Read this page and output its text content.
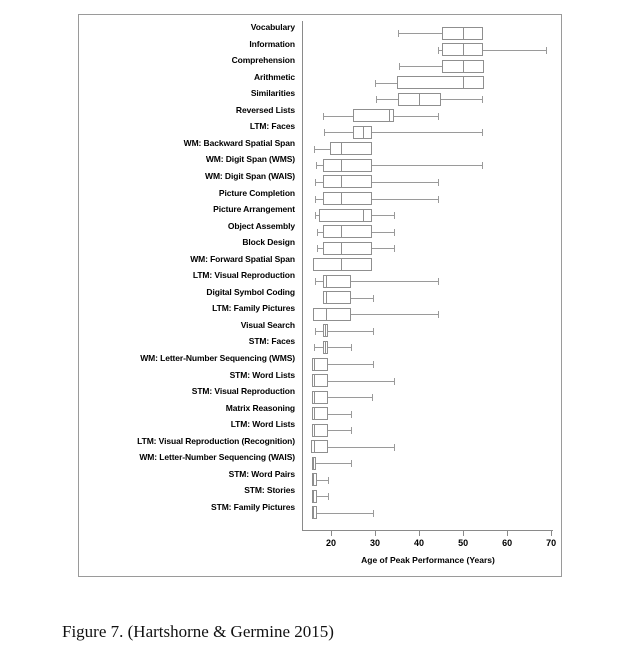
Vocabulary
Information
Comprehension
Arithmetic
Similarities
Reversed Lists
LTM: Faces
WM: Backward Spatial Span
WM: Digit Span (WMS)
WM: Digit Span (WAIS)
Picture Completion
Picture Arrangement
Object Assembly
Block Design
WM: Forward Spatial Span
LTM: Visual Reproduction
Digital Symbol Coding
LTM: Family Pictures
Visual Search
STM: Faces
WM: Letter-Number Sequencing (WMS)
STM: Word Lists
STM: Visual Reproduction
Matrix Reasoning
LTM: Word Lists
LTM: Visual Reproduction (Recognition)
WM: Letter-Number Sequencing (WAIS)
STM: Word Pairs
STM: Stories
STM: Family Pictures
20	30	40	50	60	70
Age of Peak Performance (Years)
Figure 7. (Hartshorne & Germine 2015)
